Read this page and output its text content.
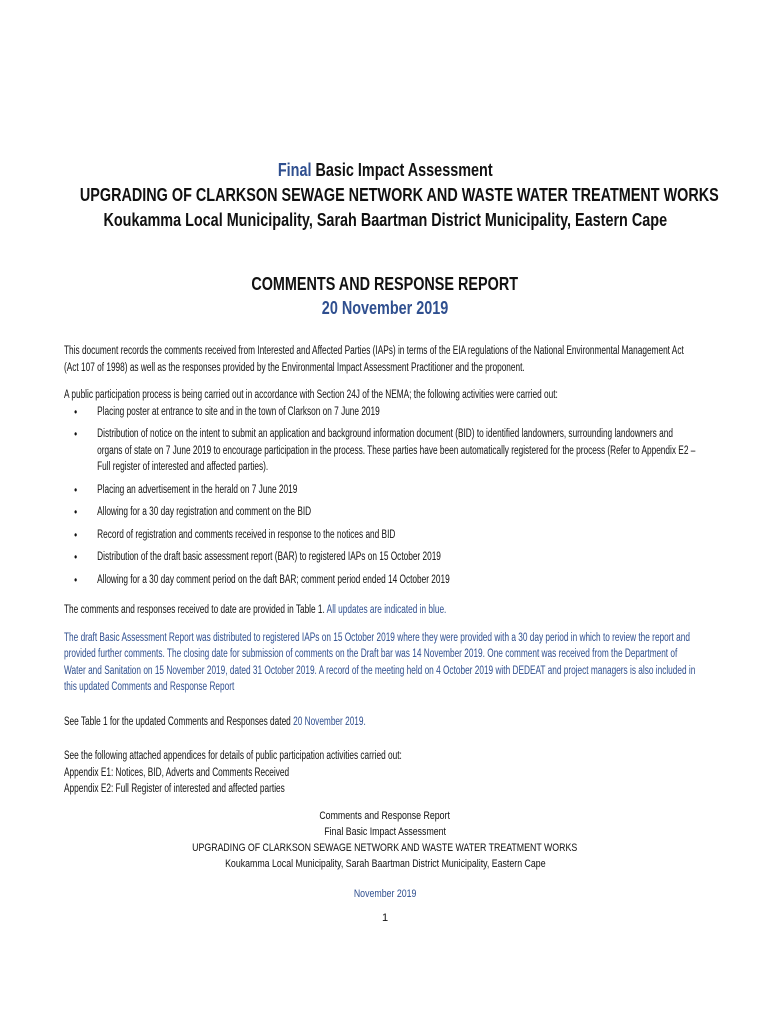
Final Basic Impact Assessment
UPGRADING OF CLARKSON SEWAGE NETWORK AND WASTE WATER TREATMENT WORKS
Koukamma Local Municipality, Sarah Baartman District Municipality, Eastern Cape
COMMENTS AND RESPONSE REPORT
20 November 2019

This document records the comments received from Interested and Affected Parties (IAPs) in terms of the EIA regulations of the National Environmental Management Act (Act 107 of 1998) as well as the responses provided by the Environmental Impact Assessment Practitioner and the proponent.

A public participation process is being carried out in accordance with Section 24J of the NEMA; the following activities were carried out:

• Placing poster at entrance to site and in the town of Clarkson on 7 June 2019
• Distribution of notice on the intent to submit an application and background information document (BID) to identified landowners, surrounding landowners and organs of state on 7 June 2019 to encourage participation in the process. These parties have been automatically registered for the process (Refer to Appendix E2 – Full register of interested and affected parties).
• Placing an advertisement in the herald on 7 June 2019
• Allowing for a 30 day registration and comment on the BID
• Record of registration and comments received in response to the notices and BID
• Distribution of the draft basic assessment report (BAR) to registered IAPs on 15 October 2019
• Allowing for a 30 day comment period on the daft BAR; comment period ended 14 October 2019

The comments and responses received to date are provided in Table 1. All updates are indicated in blue.

The draft Basic Assessment Report was distributed to registered IAPs on 15 October 2019 where they were provided with a 30 day period in which to review the report and provided further comments. The closing date for submission of comments on the Draft bar was 14 November 2019. One comment was received from the Department of Water and Sanitation on 15 November 2019, dated 31 October 2019. A record of the meeting held on 4 October 2019 with DEDEAT and project managers is also included in this updated Comments and Response Report

See Table 1 for the updated Comments and Responses dated 20 November 2019.

See the following attached appendices for details of public participation activities carried out:

Appendix E1: Notices, BID, Adverts and Comments Received

Appendix E2: Full Register of interested and affected parties

Comments and Response Report
Final Basic Impact Assessment
UPGRADING OF CLARKSON SEWAGE NETWORK AND WASTE WATER TREATMENT WORKS
Koukamma Local Municipality, Sarah Baartman District Municipality, Eastern Cape
November 2019
1
